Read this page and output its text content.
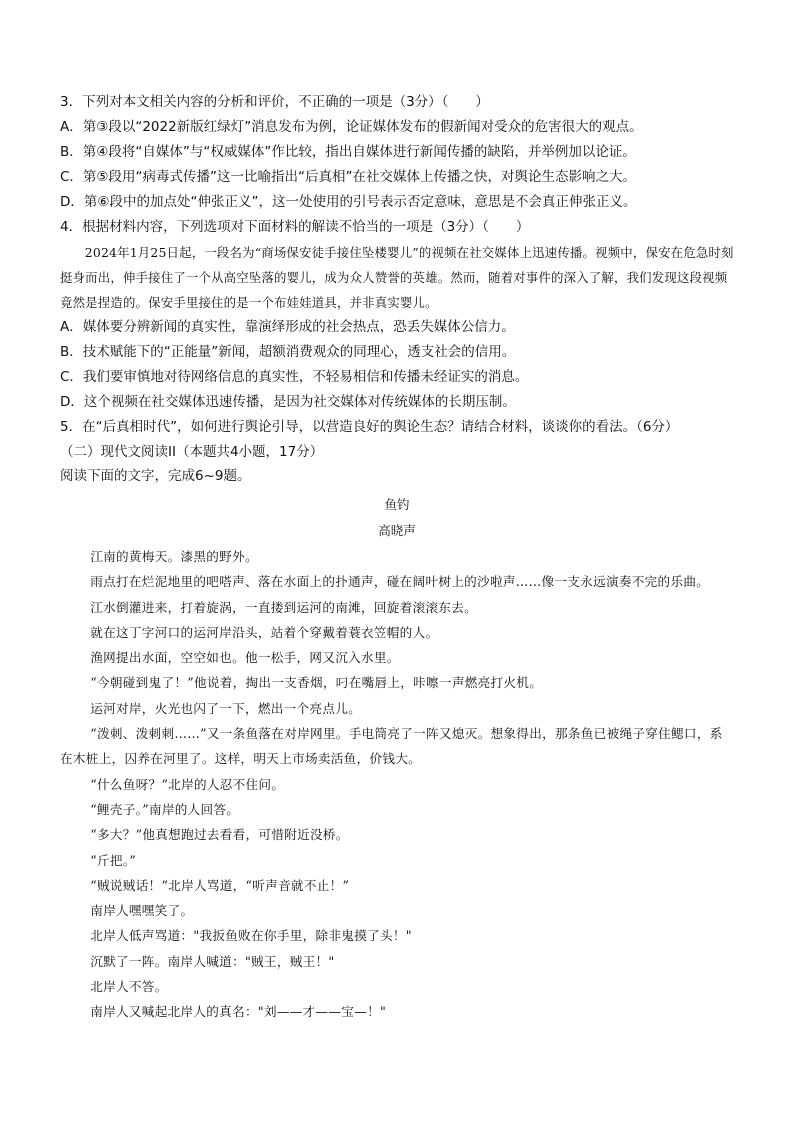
3．下列对本文相关内容的分析和评价，不正确的一项是（3分）（　　）

A．第③段以“2022新版红绿灯”消息发布为例，论证媒体发布的假新闻对受众的危害很大的观点。

B．第④段将“自媒体”与“权威媒体”作比较，指出自媒体进行新闻传播的缺陷，并举例加以论证。

C．第⑤段用“病毒式传播”这一比喻指出“后真相”在社交媒体上传播之快，对舆论生态影响之大。

D．第⑥段中的加点处“伸张正义”，这一处使用的引号表示否定意味，意思是不会真正伸张正义。

4．根据材料内容，下列选项对下面材料的解读不恰当的一项是（3分）（　　）

2024年1月25日起，一段名为“商场保安徒手接住坠楼婴儿”的视频在社交媒体上迅速传播。视频中，保安在危急时刻挺身而出，伸手接住了一个从高空坠落的婴儿，成为众人赞誉的英雄。然而，随着对事件的深入了解，我们发现这段视频竟然是捏造的。保安手里接住的是一个布娃娃道具，并非真实婴儿。

A．媒体要分辨新闻的真实性，靠演绎形成的社会热点，恐丢失媒体公信力。

B．技术赋能下的“正能量”新闻，超额消费观众的同理心，透支社会的信用。

C．我们要审慎地对待网络信息的真实性，不轻易相信和传播未经证实的消息。

D．这个视频在社交媒体迅速传播，是因为社交媒体对传统媒体的长期压制。

5．在“后真相时代”，如何进行舆论引导，以营造良好的舆论生态？请结合材料，谈谈你的看法。（6分）

（二）现代文阅读II（本题共4小题，17分）

阅读下面的文字，完成6~9题。

鱼钓

高晓声

江南的黄梅天。漆黑的野外。

雨点打在烂泥地里的吧嗒声、落在水面上的扑通声，碰在阔叶树上的沙啦声……像一支永远演奏不完的乐曲。

江水倒灌进来，打着旋涡，一直搂到运河的南滩，回旋着滚滚东去。

就在这丁字河口的运河岸沿头，站着个穿戴着蓑衣笠帽的人。

渔网提出水面，空空如也。他一松手，网又沉入水里。

“今朝碰到鬼了！”他说着，掏出一支香烟，叼在嘴唇上，咔嚓一声燃亮打火机。

运河对岸，火光也闪了一下，燃出一个亮点儿。

“泼刺、泼刺刺……”又一条鱼落在对岸网里。手电筒亮了一阵又熄灭。想象得出，那条鱼已被绳子穿住鳃口，系在木桩上，囚养在河里了。这样，明天上市场卖活鱼，价钱大。

“什么鱼呀？”北岸的人忍不住问。

“鲤壳子。”南岸的人回答。

“多大？”他真想跑过去看看，可惜附近没桥。

“斤把。”

“贼说贼话！”北岸人骂道，“听声音就不止！”

南岸人嘿嘿笑了。

北岸人低声骂道："我扳鱼败在你手里，除非鬼摸了头！"

沉默了一阵。南岸人喊道："贼王，贼王！"

北岸人不答。

南岸人又喊起北岸人的真名："刘——才——宝—！"
